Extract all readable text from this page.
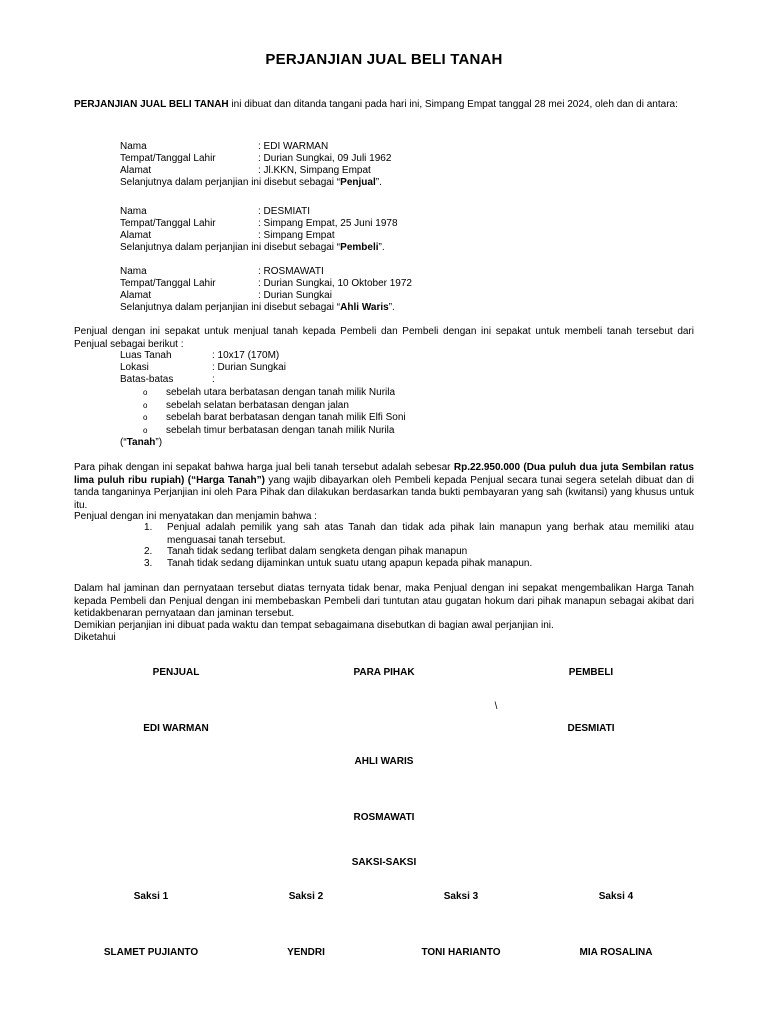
PERJANJIAN JUAL BELI TANAH
PERJANJIAN JUAL BELI TANAH ini dibuat dan ditanda tangani pada hari ini, Simpang Empat tanggal 28 mei 2024, oleh dan di antara:
Nama	: EDI WARMAN
Tempat/Tanggal Lahir	: Durian Sungkai, 09 Juli 1962
Alamat	: Jl.KKN, Simpang Empat
Selanjutnya dalam perjanjian ini disebut sebagai “Penjual”.
Nama	: DESMIATI
Tempat/Tanggal Lahir	: Simpang Empat, 25 Juni 1978
Alamat	: Simpang Empat
Selanjutnya dalam perjanjian ini disebut sebagai “Pembeli”.
Nama	: ROSMAWATI
Tempat/Tanggal Lahir	: Durian Sungkai, 10 Oktober 1972
Alamat	: Durian Sungkai
Selanjutnya dalam perjanjian ini disebut sebagai “Ahli Waris”.
Penjual dengan ini sepakat untuk menjual tanah kepada Pembeli dan Pembeli dengan ini sepakat untuk membeli tanah tersebut dari Penjual sebagai berikut :
Luas Tanah	: 10x17 (170M)
Lokasi	: Durian Sungkai
Batas-batas	:
o sebelah utara berbatasan dengan tanah milik Nurila
o sebelah selatan berbatasan dengan jalan
o sebelah barat berbatasan dengan tanah milik Elfi Soni
o sebelah timur berbatasan dengan tanah milik Nurila
(“Tanah”)
Para pihak dengan ini sepakat bahwa harga jual beli tanah tersebut adalah sebesar Rp.22.950.000 (Dua puluh dua juta Sembilan ratus lima puluh ribu rupiah) (“Harga Tanah”) yang wajib dibayarkan oleh Pembeli kepada Penjual secara tunai segera setelah dibuat dan di tanda tanganinya Perjanjian ini oleh Para Pihak dan dilakukan berdasarkan tanda bukti pembayaran yang sah (kwitansi) yang khusus untuk itu.
Penjual dengan ini menyatakan dan menjamin bahwa :
1. Penjual adalah pemilik yang sah atas Tanah dan tidak ada pihak lain manapun yang berhak atau memiliki atau menguasai tanah tersebut.
2. Tanah tidak sedang terlibat dalam sengketa dengan pihak manapun
3. Tanah tidak sedang dijaminkan untuk suatu utang apapun kepada pihak manapun.
Dalam hal jaminan dan pernyataan tersebut diatas ternyata tidak benar, maka Penjual dengan ini sepakat mengembalikan Harga Tanah kepada Pembeli dan Penjual dengan ini membebaskan Pembeli dari tuntutan atau gugatan hokum dari pihak manapun sebagai akibat dari ketidakbenaran pernyataan dan jaminan tersebut.
Demikian perjanjian ini dibuat pada waktu dan tempat sebagaimana disebutkan di bagian awal perjanjian ini.
Diketahui
PENJUAL	PARA PIHAK	PEMBELI
\
EDI WARMAN	DESMIATI
AHLI WARIS
ROSMAWATI
SAKSI-SAKSI
Saksi 1	Saksi 2	Saksi 3	Saksi 4
SLAMET PUJIANTO	YENDRI	TONI HARIANTO	MIA ROSALINA
